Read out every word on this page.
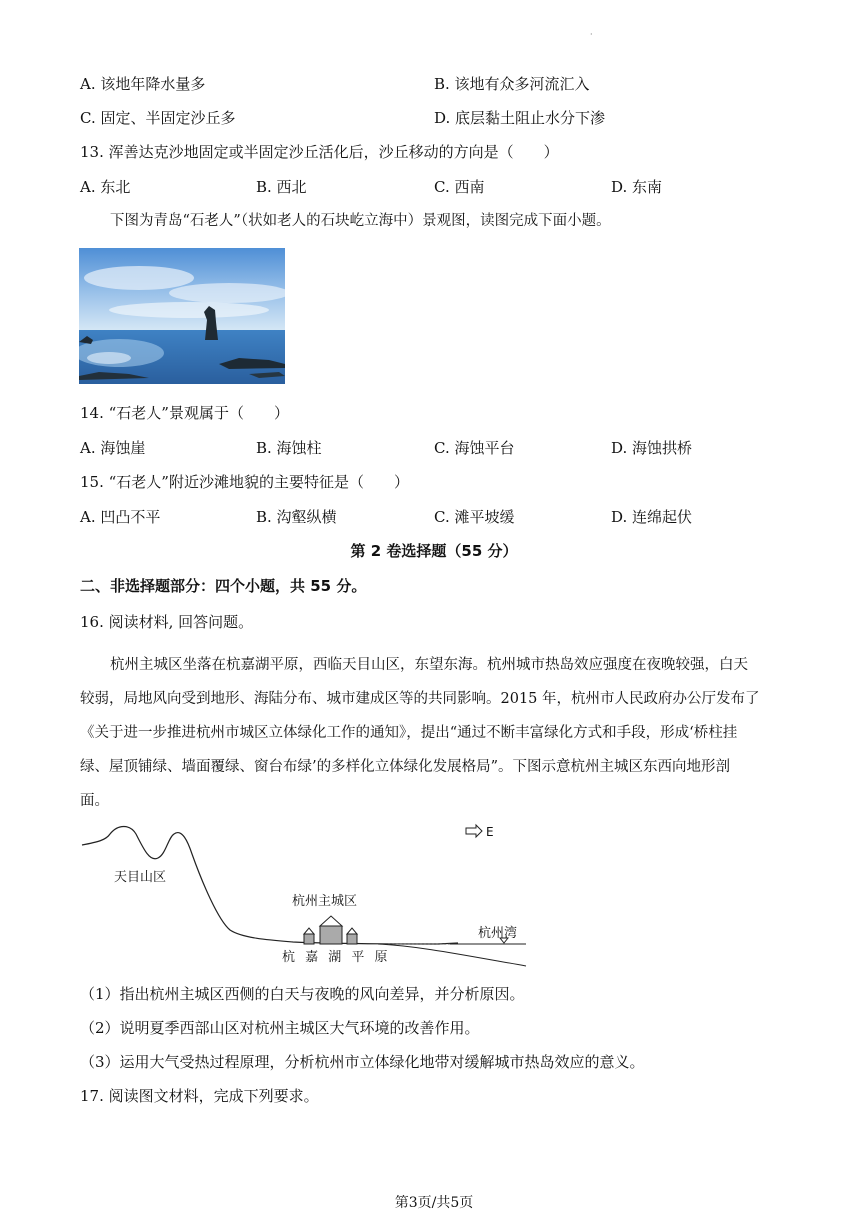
·
A. 该地年降水量多	B. 该地有众多河流汇入
C. 固定、半固定沙丘多	D. 底层黏土阻止水分下渗
13. 浑善达克沙地固定或半固定沙丘活化后，沙丘移动的方向是（　　）
A. 东北	B. 西北	C. 西南	D. 东南
下图为青岛“石老人”（状如老人的石块屹立海中）景观图，读图完成下面小题。
14. “石老人”景观属于（　　）
A. 海蚀崖	B. 海蚀柱	C. 海蚀平台	D. 海蚀拱桥
15. “石老人”附近沙滩地貌的主要特征是（　　）
A. 凹凸不平	B. 沟壑纵横	C. 滩平坡缓	D. 连绵起伏
第 2 卷选择题（55 分）
二、非选择题部分：四个小题，共 55 分。
16. 阅读材料, 回答问题。
杭州主城区坐落在杭嘉湖平原，西临天目山区，东望东海。杭州城市热岛效应强度在夜晚较强，白天
较弱，局地风向受到地形、海陆分布、城市建成区等的共同影响。2015 年，杭州市人民政府办公厅发布了
《关于进一步推进杭州市城区立体绿化工作的通知》，提出“通过不断丰富绿化方式和手段，形成‘桥柱挂
绿、屋顶铺绿、墙面覆绿、窗台布绿’的多样化立体绿化发展格局”。下图示意杭州主城区东西向地形剖
面。
E
天目山区
杭州主城区
杭州湾
杭 嘉 湖 平 原
（1）指出杭州主城区西侧的白天与夜晚的风向差异，并分析原因。
（2）说明夏季西部山区对杭州主城区大气环境的改善作用。
（3）运用大气受热过程原理，分析杭州市立体绿化地带对缓解城市热岛效应的意义。
17. 阅读图文材料，完成下列要求。
第3页/共5页
